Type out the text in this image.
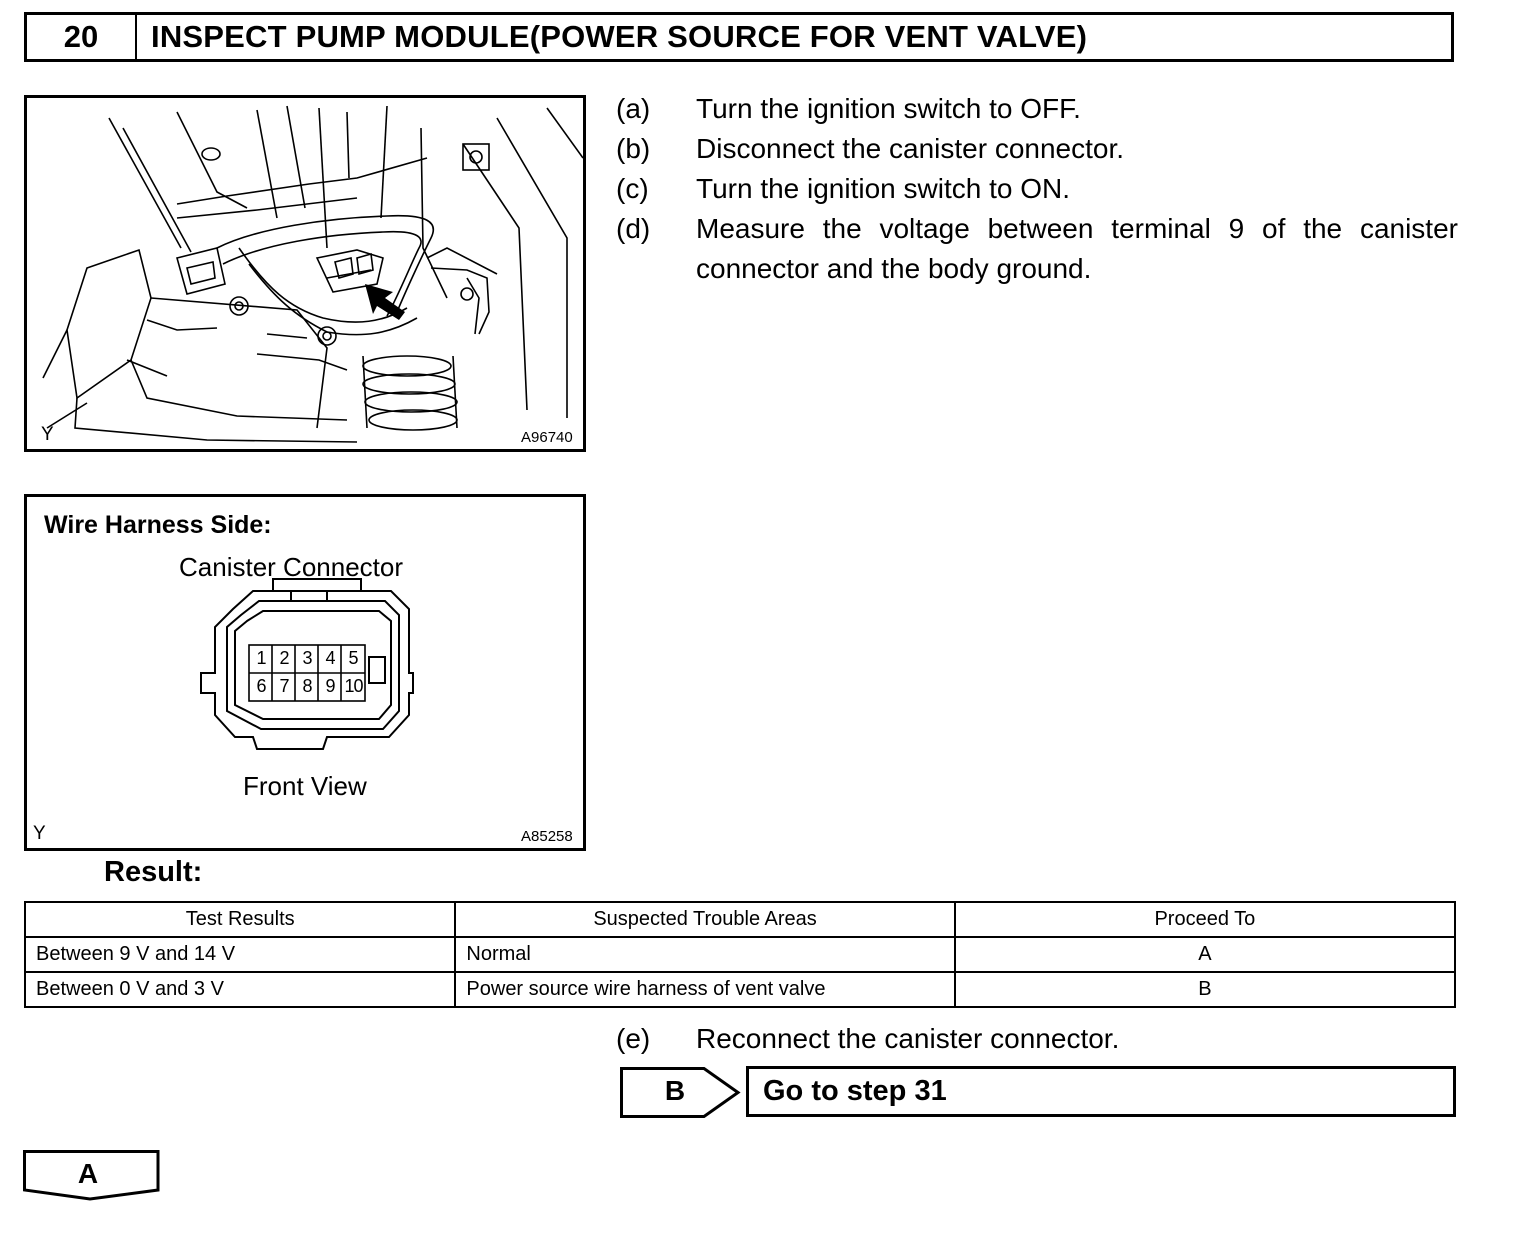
20	INSPECT PUMP MODULE(POWER SOURCE FOR VENT VALVE)
Y	A96740
Wire Harness Side:
Canister Connector
1 2 3 4 5
6 7 8 9 10
Front View
Y	A85258
(a) Turn the ignition switch to OFF.
(b) Disconnect the canister connector.
(c) Turn the ignition switch to ON.
(d) Measure the voltage between terminal 9 of the canister connector and the body ground.
Result:
Test Results	Suspected Trouble Areas	Proceed To
Between 9 V and 14 V	Normal	A
Between 0 V and 3 V	Power source wire harness of vent valve	B
(e) Reconnect the canister connector.
B	Go to step 31
A
